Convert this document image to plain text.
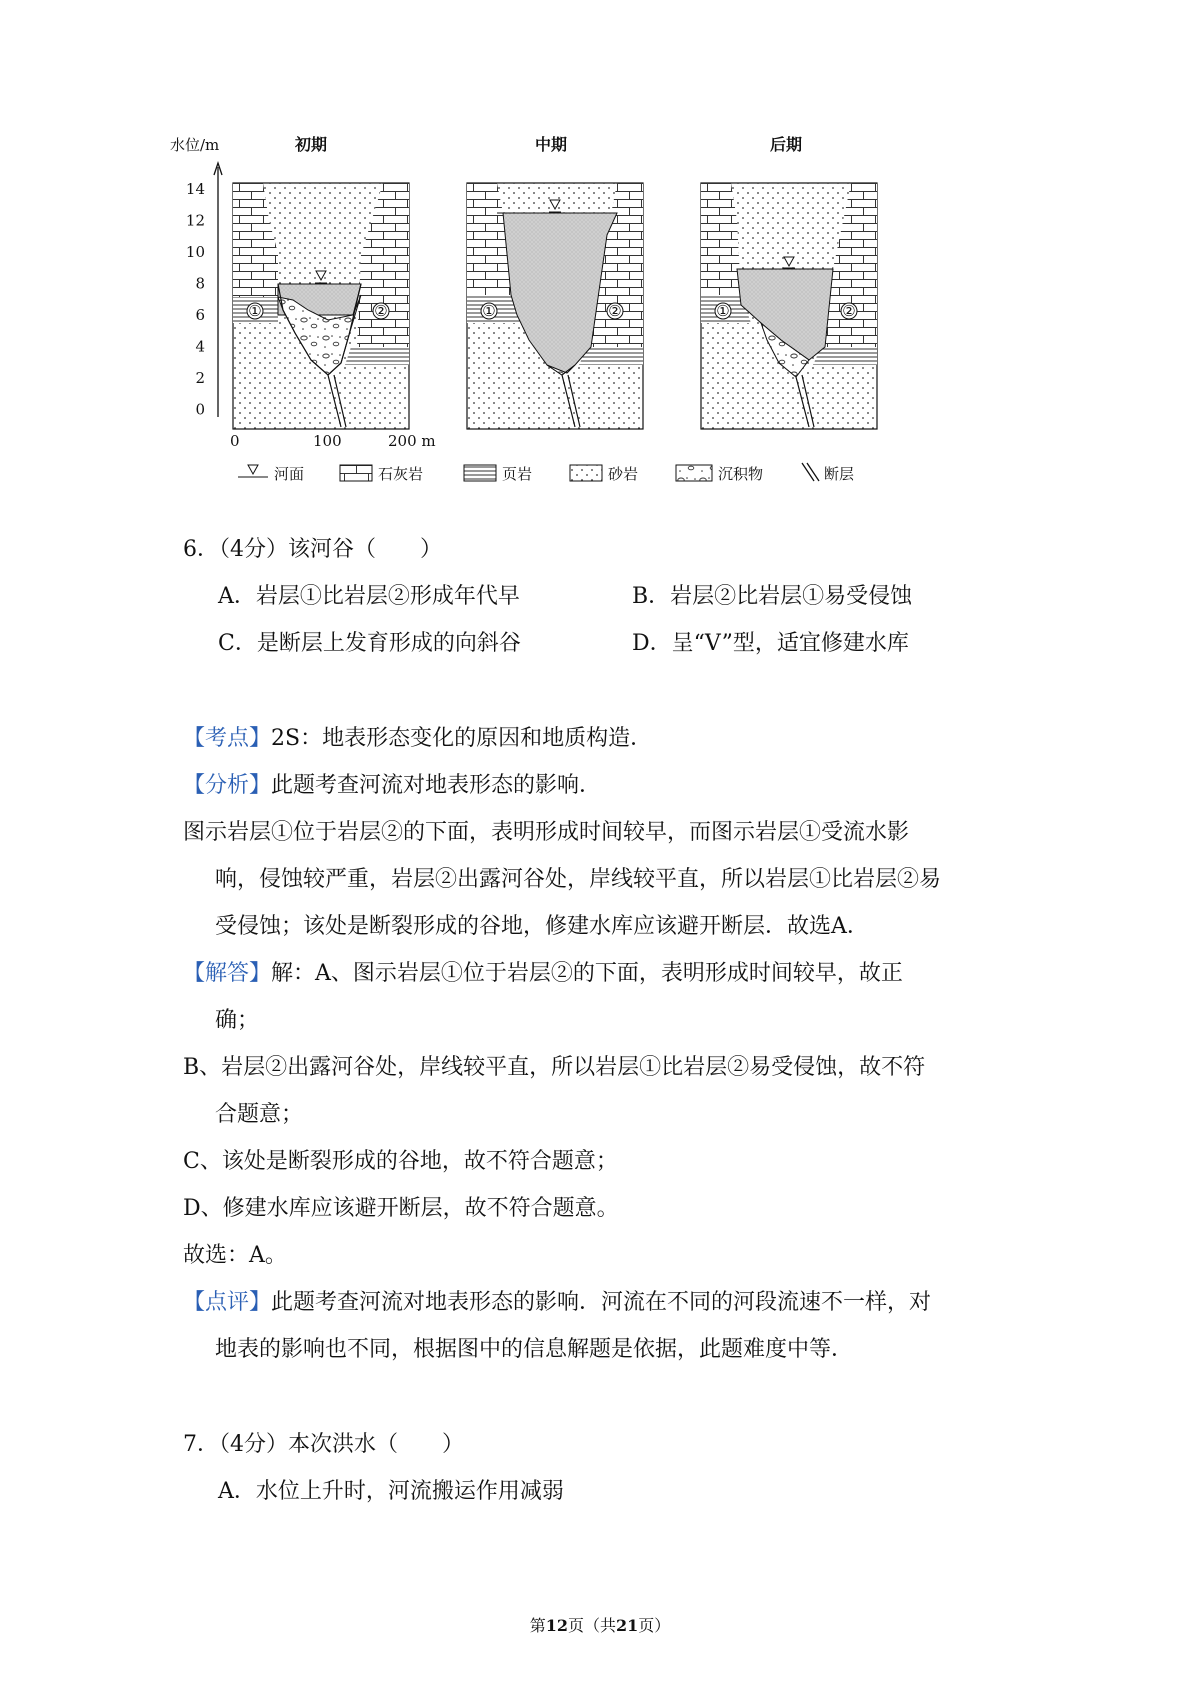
水位/m
14
12
10
8
6
4
2
0
初期	中期	后期
①	②	①	②	①	②
0	100	200 m
河面	石灰岩	页岩	砂岩	沉积物	断层
6．（4分）该河谷（　　）
A．岩层①比岩层②形成年代早	B．岩层②比岩层①易受侵蚀
C．是断层上发育形成的向斜谷	D．呈“V”型，适宜修建水库
【考点】2S：地表形态变化的原因和地质构造．
【分析】此题考查河流对地表形态的影响．
图示岩层①位于岩层②的下面，表明形成时间较早，而图示岩层①受流水影
响，侵蚀较严重，岩层②出露河谷处，岸线较平直，所以岩层①比岩层②易
受侵蚀；该处是断裂形成的谷地，修建水库应该避开断层．故选A．
【解答】解：A、图示岩层①位于岩层②的下面，表明形成时间较早，故正
确；
B、岩层②出露河谷处，岸线较平直，所以岩层①比岩层②易受侵蚀，故不符
合题意；
C、该处是断裂形成的谷地，故不符合题意；
D、修建水库应该避开断层，故不符合题意。
故选：A。
【点评】此题考查河流对地表形态的影响．河流在不同的河段流速不一样，对
地表的影响也不同，根据图中的信息解题是依据，此题难度中等．
7．（4分）本次洪水（　　）
A．水位上升时，河流搬运作用减弱
第12页（共21页）
